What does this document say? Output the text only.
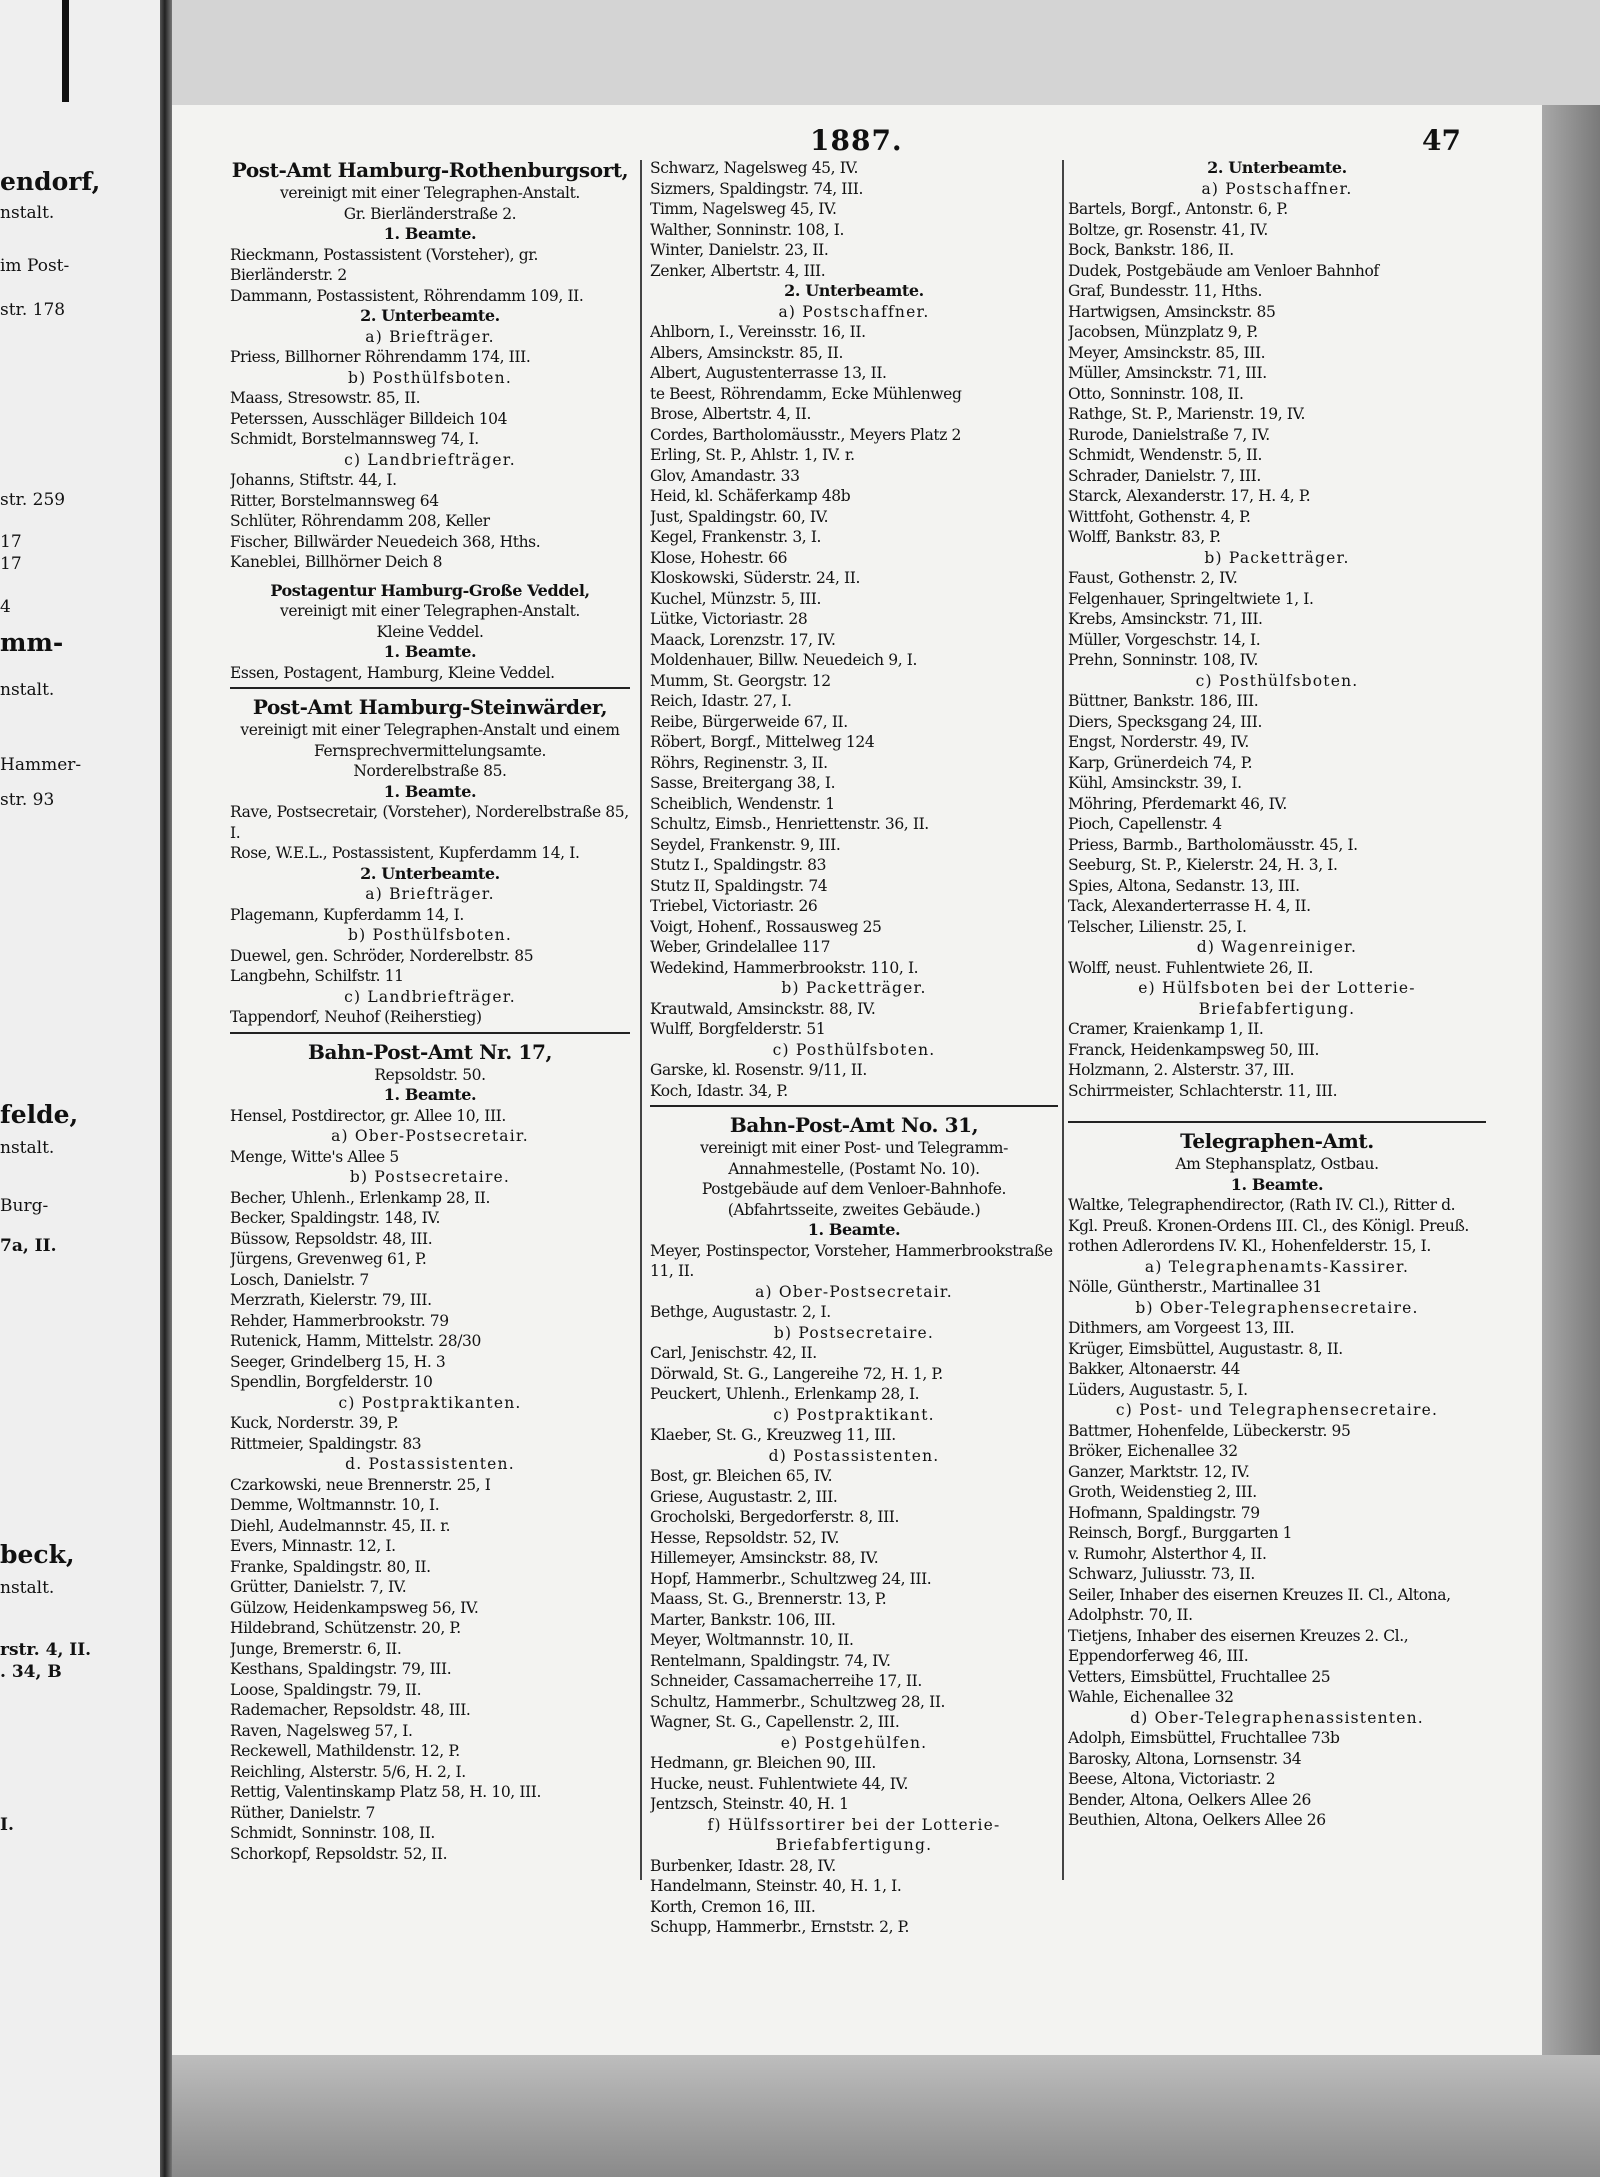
endorf,
nstalt.
im Post-
str. 178
str. 259
17
17
4
mm-
nstalt.
Hammer-
str. 93
felde,
nstalt.
Burg-
7a, II.
beck,
nstalt.
rstr. 4, II.
. 34, B
I.
1887.	47
Post-Amt Hamburg-Rothenburgsort,
vereinigt mit einer Telegraphen-Anstalt.
Gr. Bierländerstraße 2.
1. Beamte.
Rieckmann, Postassistent (Vorsteher), gr. Bierländerstr. 2
Dammann, Postassistent, Röhrendamm 109, II.
2. Unterbeamte.
a) Briefträger.
Priess, Billhorner Röhrendamm 174, III.
b) Posthülfsboten.
Maass, Stresowstr. 85, II.
Peterssen, Ausschläger Billdeich 104
Schmidt, Borstelmannsweg 74, I.
c) Landbriefträger.
Johanns, Stiftstr. 44, I.
Ritter, Borstelmannsweg 64
Schlüter, Röhrendamm 208, Keller
Fischer, Billwärder Neuedeich 368, Hths.
Kaneblei, Billhörner Deich 8
Postagentur Hamburg-Große Veddel,
vereinigt mit einer Telegraphen-Anstalt.
Kleine Veddel.
1. Beamte.
Essen, Postagent, Hamburg, Kleine Veddel.
Post-Amt Hamburg-Steinwärder,
vereinigt mit einer Telegraphen-Anstalt und einem Fernsprechvermittelungsamte.
Norderelbstraße 85.
1. Beamte.
Rave, Postsecretair, (Vorsteher), Norderelbstraße 85, I.
Rose, W.E.L., Postassistent, Kupferdamm 14, I.
2. Unterbeamte.
a) Briefträger.
Plagemann, Kupferdamm 14, I.
b) Posthülfsboten.
Duewel, gen. Schröder, Norderelbstr. 85
Langbehn, Schilfstr. 11
c) Landbriefträger.
Tappendorf, Neuhof (Reiherstieg)
Bahn-Post-Amt Nr. 17,
Repsoldstr. 50.
1. Beamte.
Hensel, Postdirector, gr. Allee 10, III.
a) Ober-Postsecretair.
Menge, Witte's Allee 5
b) Postsecretaire.
Becher, Uhlenh., Erlenkamp 28, II.
Becker, Spaldingstr. 148, IV.
Büssow, Repsoldstr. 48, III.
Jürgens, Grevenweg 61, P.
Losch, Danielstr. 7
Merzrath, Kielerstr. 79, III.
Rehder, Hammerbrookstr. 79
Rutenick, Hamm, Mittelstr. 28/30
Seeger, Grindelberg 15, H. 3
Spendlin, Borgfelderstr. 10
c) Postpraktikanten.
Kuck, Norderstr. 39, P.
Rittmeier, Spaldingstr. 83
d. Postassistenten.
Czarkowski, neue Brennerstr. 25, I
Demme, Woltmannstr. 10, I.
Diehl, Audelmannstr. 45, II. r.
Evers, Minnastr. 12, I.
Franke, Spaldingstr. 80, II.
Grütter, Danielstr. 7, IV.
Gülzow, Heidenkampsweg 56, IV.
Hildebrand, Schützenstr. 20, P.
Junge, Bremerstr. 6, II.
Kesthans, Spaldingstr. 79, III.
Loose, Spaldingstr. 79, II.
Rademacher, Repsoldstr. 48, III.
Raven, Nagelsweg 57, I.
Reckewell, Mathildenstr. 12, P.
Reichling, Alsterstr. 5/6, H. 2, I.
Rettig, Valentinskamp Platz 58, H. 10, III.
Rüther, Danielstr. 7
Schmidt, Sonninstr. 108, II.
Schorkopf, Repsoldstr. 52, II.
Schwarz, Nagelsweg 45, IV.
Sizmers, Spaldingstr. 74, III.
Timm, Nagelsweg 45, IV.
Walther, Sonninstr. 108, I.
Winter, Danielstr. 23, II.
Zenker, Albertstr. 4, III.
2. Unterbeamte.
a) Postschaffner.
Ahlborn, I., Vereinsstr. 16, II.
Albers, Amsinckstr. 85, II.
Albert, Augustenterrasse 13, II.
te Beest, Röhrendamm, Ecke Mühlenweg
Brose, Albertstr. 4, II.
Cordes, Bartholomäusstr., Meyers Platz 2
Erling, St. P., Ahlstr. 1, IV. r.
Glov, Amandastr. 33
Heid, kl. Schäferkamp 48b
Just, Spaldingstr. 60, IV.
Kegel, Frankenstr. 3, I.
Klose, Hohestr. 66
Kloskowski, Süderstr. 24, II.
Kuchel, Münzstr. 5, III.
Lütke, Victoriastr. 28
Maack, Lorenzstr. 17, IV.
Moldenhauer, Billw. Neuedeich 9, I.
Mumm, St. Georgstr. 12
Reich, Idastr. 27, I.
Reibe, Bürgerweide 67, II.
Röbert, Borgf., Mittelweg 124
Röhrs, Reginenstr. 3, II.
Sasse, Breitergang 38, I.
Scheiblich, Wendenstr. 1
Schultz, Eimsb., Henriettenstr. 36, II.
Seydel, Frankenstr. 9, III.
Stutz I., Spaldingstr. 83
Stutz II, Spaldingstr. 74
Triebel, Victoriastr. 26
Voigt, Hohenf., Rossausweg 25
Weber, Grindelallee 117
Wedekind, Hammerbrookstr. 110, I.
b) Packetträger.
Krautwald, Amsinckstr. 88, IV.
Wulff, Borgfelderstr. 51
c) Posthülfsboten.
Garske, kl. Rosenstr. 9/11, II.
Koch, Idastr. 34, P.
Bahn-Post-Amt No. 31,
vereinigt mit einer Post- und Telegramm-Annahmestelle, (Postamt No. 10).
Postgebäude auf dem Venloer-Bahnhofe. (Abfahrtsseite, zweites Gebäude.)
1. Beamte.
Meyer, Postinspector, Vorsteher, Hammerbrookstraße 11, II.
a) Ober-Postsecretair.
Bethge, Augustastr. 2, I.
b) Postsecretaire.
Carl, Jenischstr. 42, II.
Dörwald, St. G., Langereihe 72, H. 1, P.
Peuckert, Uhlenh., Erlenkamp 28, I.
c) Postpraktikant.
Klaeber, St. G., Kreuzweg 11, III.
d) Postassistenten.
Bost, gr. Bleichen 65, IV.
Griese, Augustastr. 2, III.
Grocholski, Bergedorferstr. 8, III.
Hesse, Repsoldstr. 52, IV.
Hillemeyer, Amsinckstr. 88, IV.
Hopf, Hammerbr., Schultzweg 24, III.
Maass, St. G., Brennerstr. 13, P.
Marter, Bankstr. 106, III.
Meyer, Woltmannstr. 10, II.
Rentelmann, Spaldingstr. 74, IV.
Schneider, Cassamacherreihe 17, II.
Schultz, Hammerbr., Schultzweg 28, II.
Wagner, St. G., Capellenstr. 2, III.
e) Postgehülfen.
Hedmann, gr. Bleichen 90, III.
Hucke, neust. Fuhlentwiete 44, IV.
Jentzsch, Steinstr. 40, H. 1
f) Hülfssortirer bei der Lotterie-Briefabfertigung.
Burbenker, Idastr. 28, IV.
Handelmann, Steinstr. 40, H. 1, I.
Korth, Cremon 16, III.
Schupp, Hammerbr., Ernststr. 2, P.
2. Unterbeamte.
a) Postschaffner.
Bartels, Borgf., Antonstr. 6, P.
Boltze, gr. Rosenstr. 41, IV.
Bock, Bankstr. 186, II.
Dudek, Postgebäude am Venloer Bahnhof
Graf, Bundesstr. 11, Hths.
Hartwigsen, Amsinckstr. 85
Jacobsen, Münzplatz 9, P.
Meyer, Amsinckstr. 85, III.
Müller, Amsinckstr. 71, III.
Otto, Sonninstr. 108, II.
Rathge, St. P., Marienstr. 19, IV.
Rurode, Danielstraße 7, IV.
Schmidt, Wendenstr. 5, II.
Schrader, Danielstr. 7, III.
Starck, Alexanderstr. 17, H. 4, P.
Wittfoht, Gothenstr. 4, P.
Wolff, Bankstr. 83, P.
b) Packetträger.
Faust, Gothenstr. 2, IV.
Felgenhauer, Springeltwiete 1, I.
Krebs, Amsinckstr. 71, III.
Müller, Vorgeschstr. 14, I.
Prehn, Sonninstr. 108, IV.
c) Posthülfsboten.
Büttner, Bankstr. 186, III.
Diers, Specksgang 24, III.
Engst, Norderstr. 49, IV.
Karp, Grünerdeich 74, P.
Kühl, Amsinckstr. 39, I.
Möhring, Pferdemarkt 46, IV.
Pioch, Capellenstr. 4
Priess, Barmb., Bartholomäusstr. 45, I.
Seeburg, St. P., Kielerstr. 24, H. 3, I.
Spies, Altona, Sedanstr. 13, III.
Tack, Alexanderterrasse H. 4, II.
Telscher, Lilienstr. 25, I.
d) Wagenreiniger.
Wolff, neust. Fuhlentwiete 26, II.
e) Hülfsboten bei der Lotterie-Briefabfertigung.
Cramer, Kraienkamp 1, II.
Franck, Heidenkampsweg 50, III.
Holzmann, 2. Alsterstr. 37, III.
Schirrmeister, Schlachterstr. 11, III.
Telegraphen-Amt.
Am Stephansplatz, Ostbau.
1. Beamte.
Waltke, Telegraphendirector, (Rath IV. Cl.), Ritter d. Kgl. Preuß. Kronen-Ordens III. Cl., des Königl. Preuß. rothen Adlerordens IV. Kl., Hohenfelderstr. 15, I.
a) Telegraphenamts-Kassirer.
Nölle, Güntherstr., Martinallee 31
b) Ober-Telegraphensecretaire.
Dithmers, am Vorgeest 13, III.
Krüger, Eimsbüttel, Augustastr. 8, II.
Bakker, Altonaerstr. 44
Lüders, Augustastr. 5, I.
c) Post- und Telegraphensecretaire.
Battmer, Hohenfelde, Lübeckerstr. 95
Bröker, Eichenallee 32
Ganzer, Marktstr. 12, IV.
Groth, Weidenstieg 2, III.
Hofmann, Spaldingstr. 79
Reinsch, Borgf., Burggarten 1
v. Rumohr, Alsterthor 4, II.
Schwarz, Juliusstr. 73, II.
Seiler, Inhaber des eisernen Kreuzes II. Cl., Altona, Adolphstr. 70, II.
Tietjens, Inhaber des eisernen Kreuzes 2. Cl., Eppendorferweg 46, III.
Vetters, Eimsbüttel, Fruchtallee 25
Wahle, Eichenallee 32
d) Ober-Telegraphenassistenten.
Adolph, Eimsbüttel, Fruchtallee 73b
Barosky, Altona, Lornsenstr. 34
Beese, Altona, Victoriastr. 2
Bender, Altona, Oelkers Allee 26
Beuthien, Altona, Oelkers Allee 26
